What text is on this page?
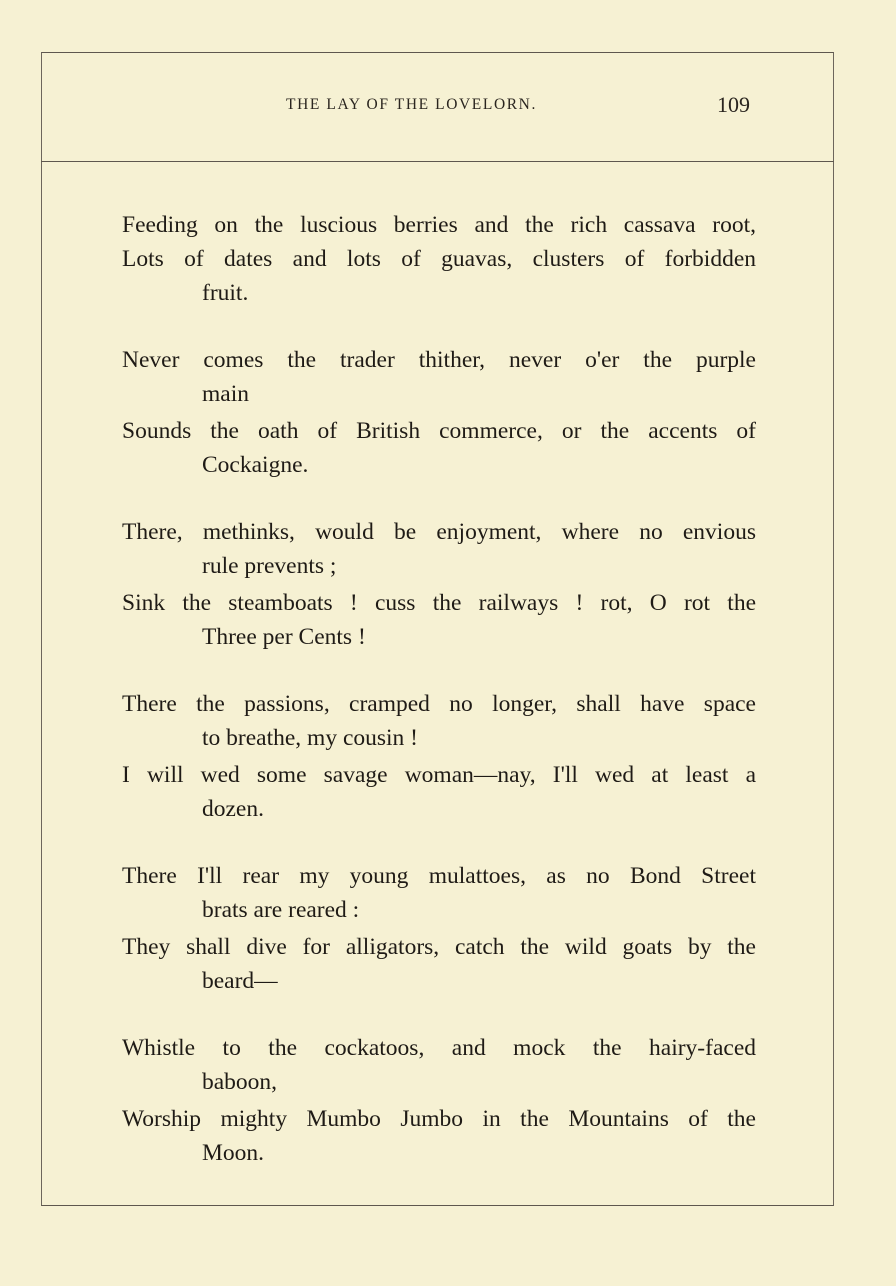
THE LAY OF THE LOVELORN.	109
Feeding on the luscious berries and the rich cassava root,
Lots of dates and lots of guavas, clusters of forbidden
fruit.
Never comes the trader thither, never o'er the purple
main
Sounds the oath of British commerce, or the accents of
Cockaigne.
There, methinks, would be enjoyment, where no envious
rule prevents ;
Sink the steamboats ! cuss the railways ! rot, O rot the
Three per Cents !
There the passions, cramped no longer, shall have space
to breathe, my cousin !
I will wed some savage woman—nay, I'll wed at least a
dozen.
There I'll rear my young mulattoes, as no Bond Street
brats are reared :
They shall dive for alligators, catch the wild goats by the
beard—
Whistle to the cockatoos, and mock the hairy-faced
baboon,
Worship mighty Mumbo Jumbo in the Mountains of the
Moon.
